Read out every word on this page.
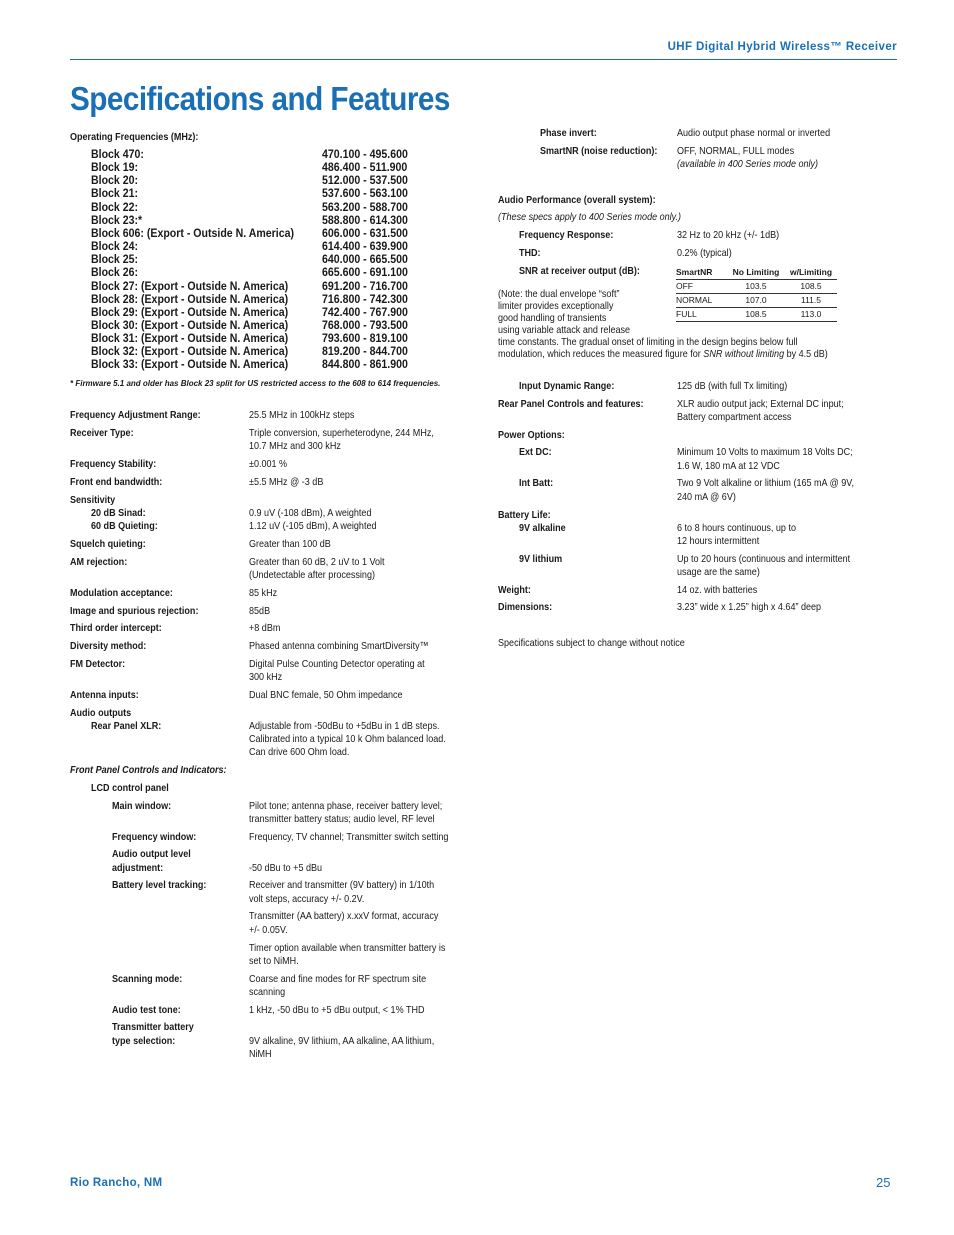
UHF Digital Hybrid Wireless™ Receiver
Specifications and Features
Operating Frequencies (MHz):
Block 470:	470.100 - 495.600
Block 19:	486.400 - 511.900
Block 20:	512.000 - 537.500
Block 21:	537.600 - 563.100
Block 22:	563.200 - 588.700
Block 23:*	588.800 - 614.300
Block 606: (Export - Outside N. America) 606.000 - 631.500
Block 24:	614.400 - 639.900
Block 25:	640.000 - 665.500
Block 26:	665.600 - 691.100
Block 27: (Export - Outside N. America)	691.200 - 716.700
Block 28: (Export - Outside N. America)	716.800 - 742.300
Block 29: (Export - Outside N. America)	742.400 - 767.900
Block 30: (Export - Outside N. America)	768.000 - 793.500
Block 31: (Export - Outside N. America)	793.600 - 819.100
Block 32: (Export - Outside N. America)	819.200 - 844.700
Block 33: (Export - Outside N. America)	844.800 - 861.900
* Firmware 5.1 and older has Block 23 split for US restricted access to the 608 to 614 frequencies.
Frequency Adjustment Range:	25.5 MHz in 100kHz steps
Receiver Type:	Triple conversion, superheterodyne, 244 MHz,
10.7 MHz and 300 kHz
Frequency Stability:	±0.001 %
Front end bandwidth:	±5.5 MHz @ -3 dB
Sensitivity
20 dB Sinad:	0.9 uV (-108 dBm), A weighted
60 dB Quieting:	1.12 uV (-105 dBm), A weighted
Squelch quieting:	Greater than 100 dB
AM rejection:	Greater than 60 dB, 2 uV to 1 Volt
(Undetectable after processing)
Modulation acceptance:	85 kHz
Image and spurious rejection:	85dB
Third order intercept:	+8 dBm
Diversity method:	Phased antenna combining SmartDiversity™
FM Detector:	Digital Pulse Counting Detector operating at
300 kHz
Antenna inputs:	Dual BNC female, 50 Ohm impedance
Audio outputs
Rear Panel XLR:	Adjustable from -50dBu to +5dBu in 1 dB steps.
Calibrated into a typical 10 k Ohm balanced load.
Can drive 600 Ohm load.
Front Panel Controls and Indicators:
LCD control panel
Main window:	Pilot tone; antenna phase, receiver battery level;
transmitter battery status; audio level, RF level
Frequency window:	Frequency, TV channel; Transmitter switch setting
Audio output level
adjustment:	-50 dBu to +5 dBu
Battery level tracking:	Receiver and transmitter (9V battery) in 1/10th
volt steps, accuracy +/- 0.2V.
Transmitter (AA battery) x.xxV format, accuracy
+/- 0.05V.
Timer option available when transmitter battery is
set to NiMH.
Scanning mode:	Coarse and fine modes for RF spectrum site
scanning
Audio test tone:	1 kHz, -50 dBu to +5 dBu output, < 1% THD
Transmitter battery
type selection:	9V alkaline, 9V lithium, AA alkaline, AA lithium,
NiMH
Phase invert:	Audio output phase normal or inverted
SmartNR (noise reduction): OFF, NORMAL, FULL modes
(available in 400 Series mode only)
Audio Performance (overall system):
(These specs apply to 400 Series mode only.)
Frequency Response:	32 Hz to 20 kHz (+/- 1dB)
THD:	0.2% (typical)
SNR at receiver output (dB):	SmartNR	No Limiting	w/Limiting
OFF	103.5	108.5
NORMAL	107.0	111.5
FULL	108.5	113.0
(Note: the dual envelope “soft”
limiter provides exceptionally
good handling of transients
using variable attack and release
time constants. The gradual onset of limiting in the design begins below full
modulation, which reduces the measured figure for SNR without limiting by 4.5 dB)
Input Dynamic Range:	125 dB (with full Tx limiting)
Rear Panel Controls and features:	XLR audio output jack; External DC input;
Battery compartment access
Power Options:
Ext DC:	Minimum 10 Volts to maximum 18 Volts DC;
1.6 W, 180 mA at 12 VDC
Int Batt:	Two 9 Volt alkaline or lithium (165 mA @ 9V,
240 mA @ 6V)
Battery Life:
9V alkaline	6 to 8 hours continuous, up to
12 hours intermittent
9V lithium	Up to 20 hours (continuous and intermittent
usage are the same)
Weight:	14 oz. with batteries
Dimensions:	3.23” wide x 1.25” high x 4.64” deep
Specifications subject to change without notice
Rio Rancho, NM	25
